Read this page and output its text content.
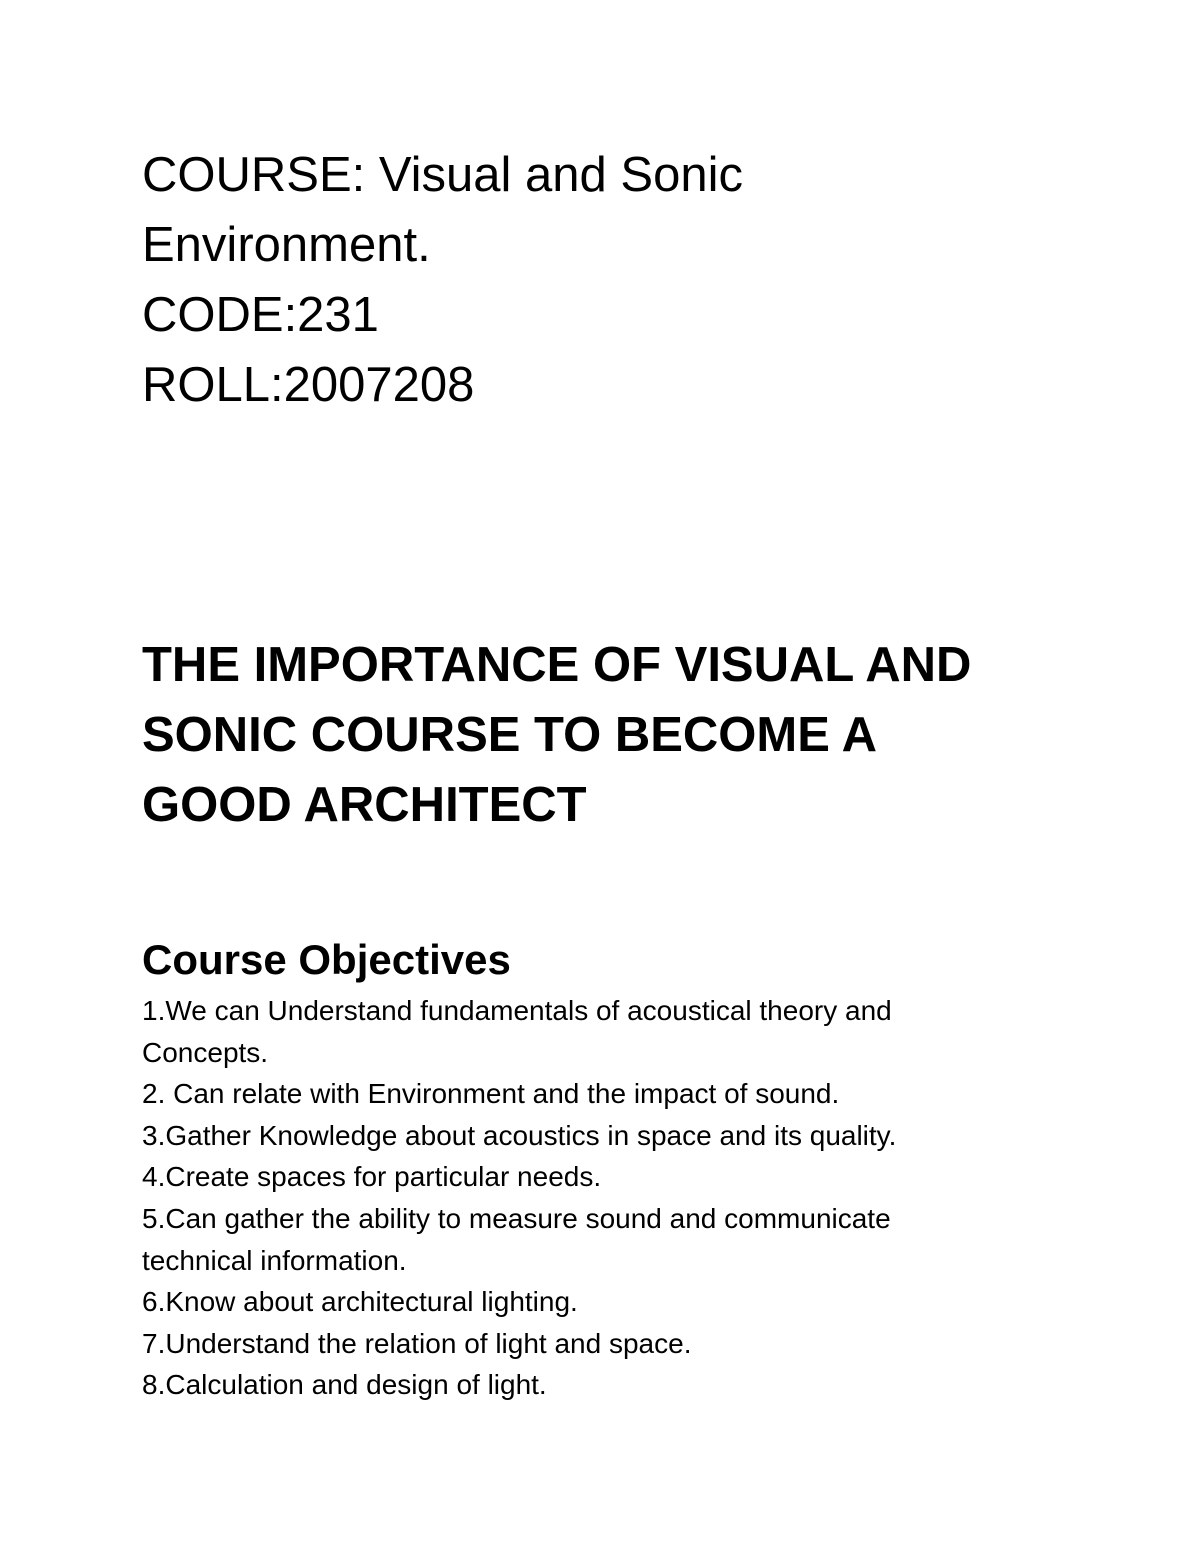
COURSE: Visual and Sonic
Environment.
CODE:231
ROLL:2007208
THE IMPORTANCE OF VISUAL AND
SONIC COURSE TO BECOME A
GOOD ARCHITECT
Course Objectives
1.We can Understand fundamentals of acoustical theory and
Concepts.
2. Can relate with Environment and the impact of sound.
3.Gather Knowledge about acoustics in space and its quality.
4.Create spaces for particular needs.
5.Can gather the ability to measure sound and communicate
technical information.
6.Know about architectural lighting.
7.Understand the relation of light and space.
8.Calculation and design of light.
